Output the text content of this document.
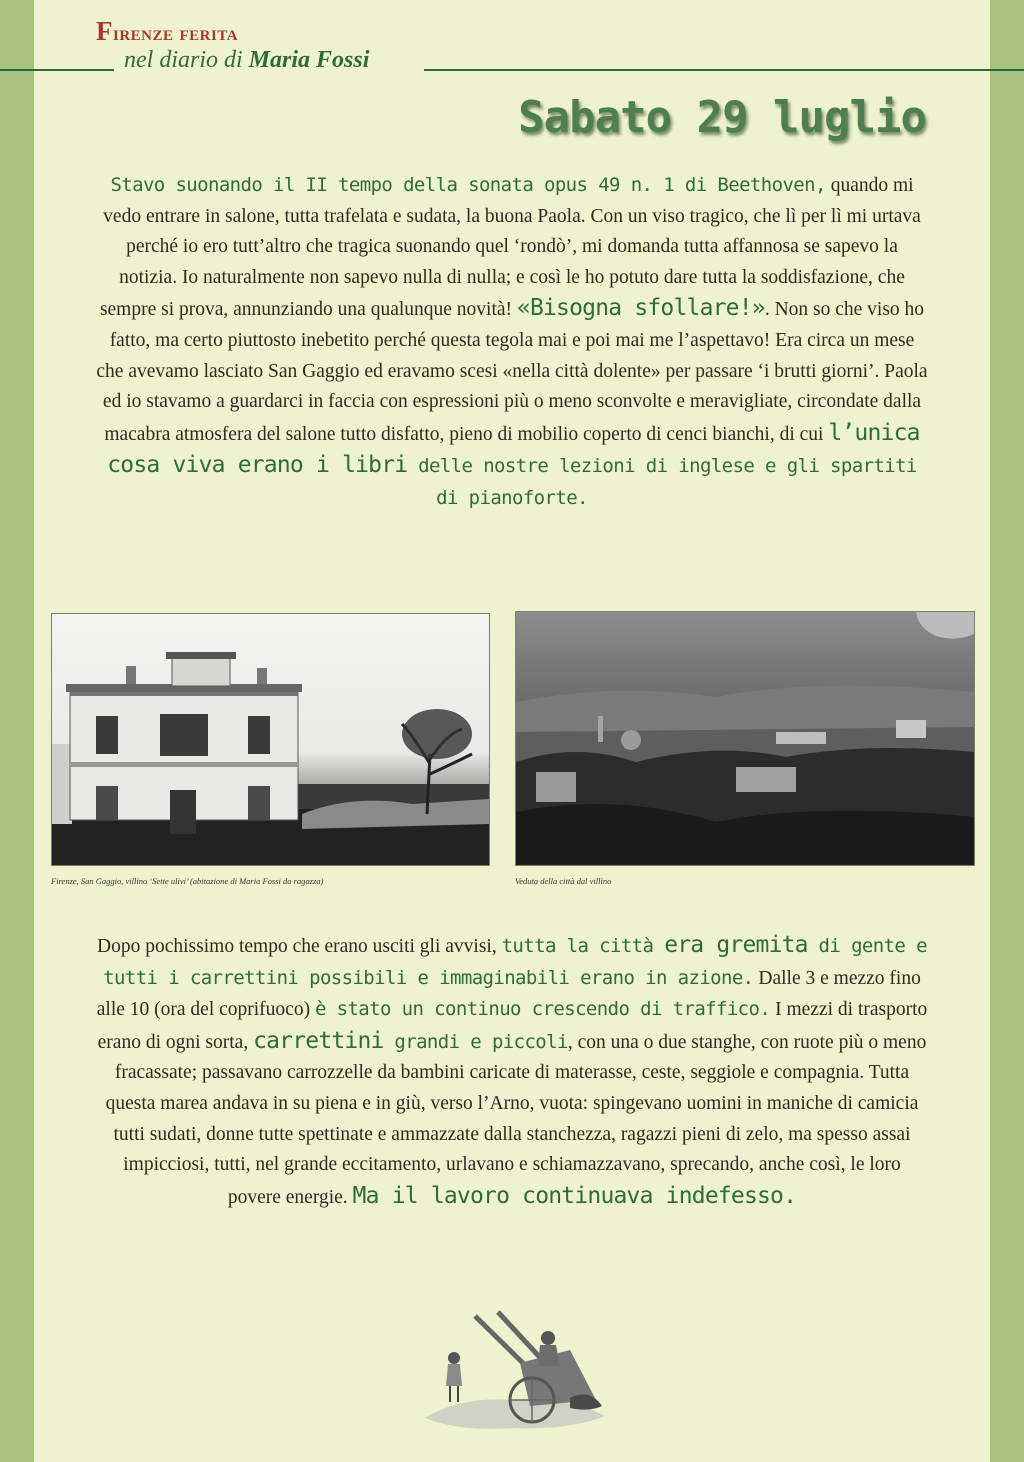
Firenze ferita

nel diario di Maria Fossi

Sabato 29 luglio

Stavo suonando il II tempo della sonata opus 49 n. 1 di Beethoven, quando mi vedo entrare in salone, tutta trafelata e sudata, la buona Paola. Con un viso tragico, che lì per lì mi urtava perché io ero tutt’altro che tragica suonando quel ‘rondò’, mi domanda tutta affannosa se sapevo la notizia. Io naturalmente non sapevo nulla di nulla; e così le ho potuto dare tutta la soddisfazione, che sempre si prova, annunziando una qualunque novità! «Bisogna sfollare!». Non so che viso ho fatto, ma certo piuttosto inebetito perché questa tegola mai e poi mai me l’aspettavo! Era circa un mese che avevamo lasciato San Gaggio ed eravamo scesi «nella città dolente» per passare ‘i brutti giorni’. Paola ed io stavamo a guardarci in faccia con espressioni più o meno sconvolte e meravigliate, circondate dalla macabra atmosfera del salone tutto disfatto, pieno di mobilio coperto di cenci bianchi, di cui l’unica cosa viva erano i libri delle nostre lezioni di inglese e gli spartiti di pianoforte.

Firenze, San Gaggio, villino ‘Sette ulivi’ (abitazione di Maria Fossi da ragazza)	Veduta della città dal villino

Dopo pochissimo tempo che erano usciti gli avvisi, tutta la città era gremita di gente e tutti i carrettini possibili e immaginabili erano in azione. Dalle 3 e mezzo fino alle 10 (ora del coprifuoco) è stato un continuo crescendo di traffico. I mezzi di trasporto erano di ogni sorta, carrettini grandi e piccoli, con una o due stanghe, con ruote più o meno fracassate; passavano carrozzelle da bambini caricate di materasse, ceste, seggiole e compagnia. Tutta questa marea andava in su piena e in giù, verso l’Arno, vuota: spingevano uomini in maniche di camicia tutti sudati, donne tutte spettinate e ammazzate dalla stanchezza, ragazzi pieni di zelo, ma spesso assai impicciosi, tutti, nel grande eccitamento, urlavano e schiamazzavano, sprecando, anche così, le loro povere energie. Ma il lavoro continuava indefesso.
